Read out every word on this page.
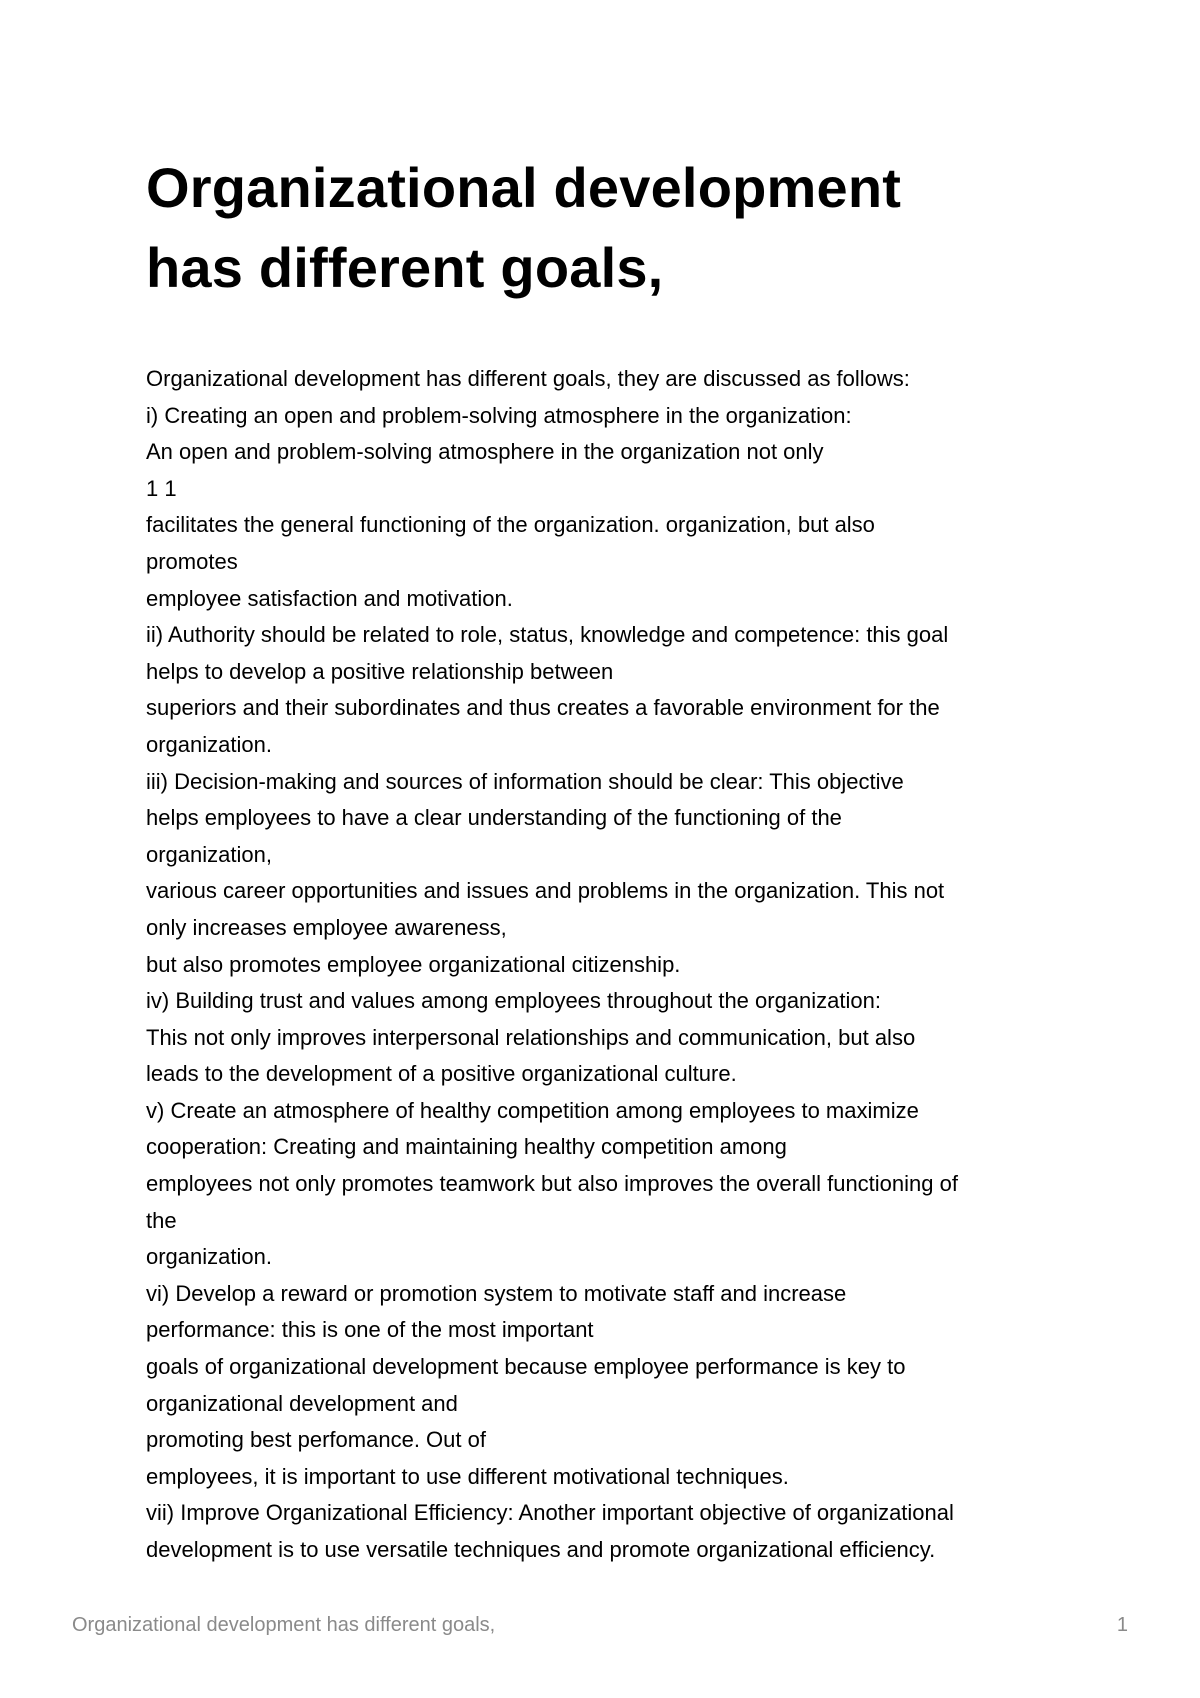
Organizational development
has different goals,
Organizational development has different goals, they are discussed as follows:
i) Creating an open and problem-solving atmosphere in the organization:
An open and problem-solving atmosphere in the organization not only
1 1
facilitates the general functioning of the organization. organization, but also
promotes
employee satisfaction and motivation.
ii) Authority should be related to role, status, knowledge and competence: this goal
helps to develop a positive relationship between
superiors and their subordinates and thus creates a favorable environment for the
organization.
iii) Decision-making and sources of information should be clear: This objective
helps employees to have a clear understanding of the functioning of the
organization,
various career opportunities and issues and problems in the organization. This not
only increases employee awareness,
but also promotes employee organizational citizenship.
iv) Building trust and values among employees throughout the organization:
This not only improves interpersonal relationships and communication, but also
leads to the development of a positive organizational culture.
v) Create an atmosphere of healthy competition among employees to maximize
cooperation: Creating and maintaining healthy competition among
employees not only promotes teamwork but also improves the overall functioning of
the
organization.
vi) Develop a reward or promotion system to motivate staff and increase
performance: this is one of the most important
goals of organizational development because employee performance is key to
organizational development and
promoting best perfomance. Out of
employees, it is important to use different motivational techniques.
vii) Improve Organizational Efficiency: Another important objective of organizational
development is to use versatile techniques and promote organizational efficiency.
Organizational development has different goals,	1
